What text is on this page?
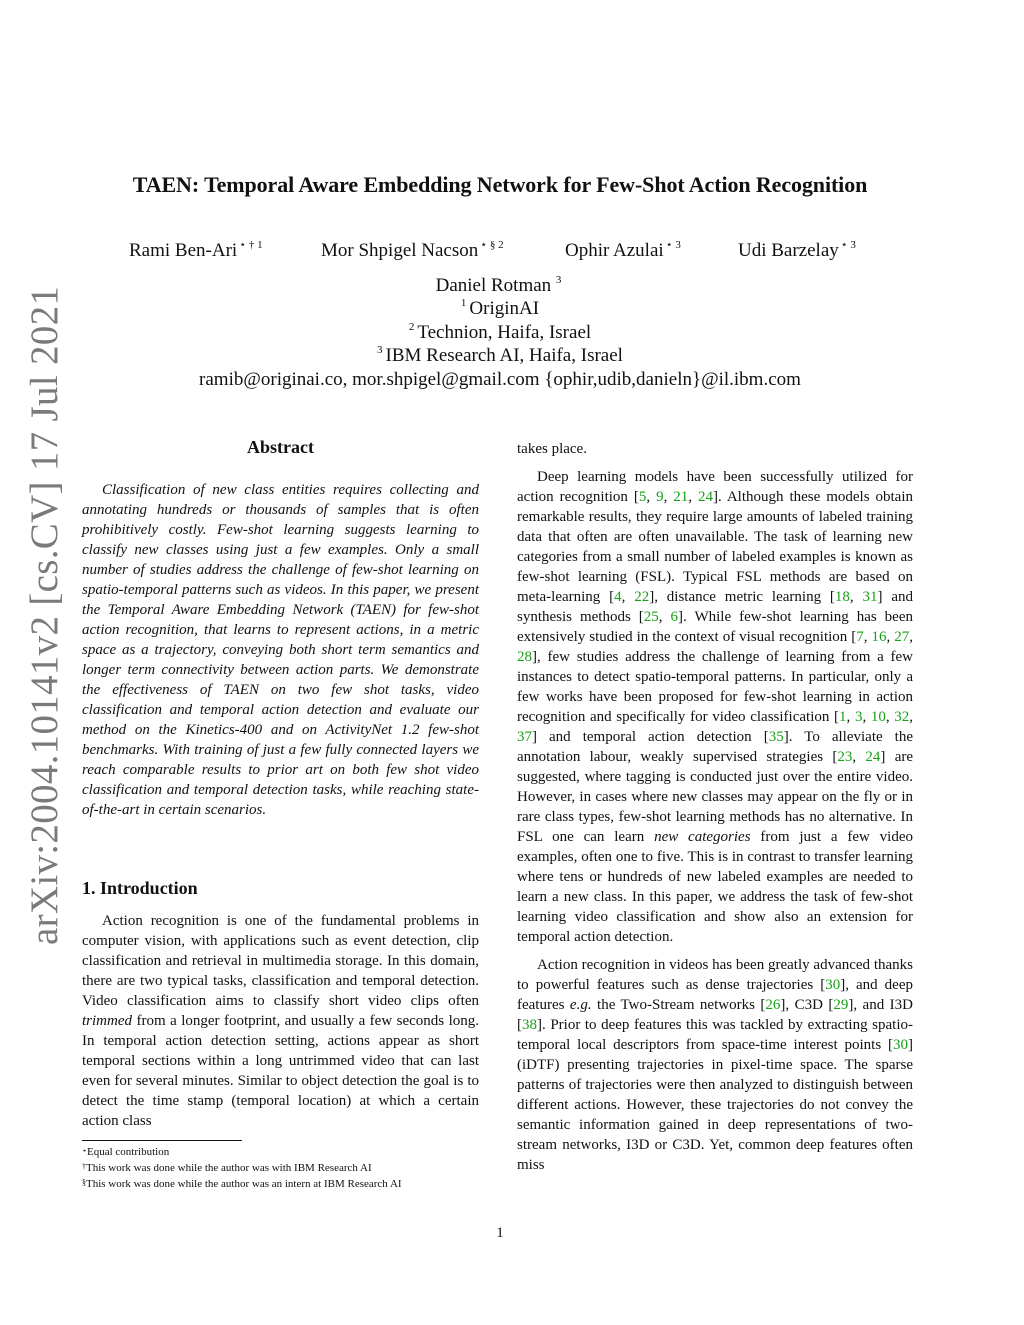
arXiv:2004.10141v2 [cs.CV] 17 Jul 2021
TAEN: Temporal Aware Embedding Network for Few-Shot Action Recognition
Rami Ben-Ari $^{⋆ \dagger 1}$	Mor Shpigel Nacson $^{⋆ \S 2}$	Ophir Azulai $^{⋆ 3}$	Udi Barzelay $^{⋆ 3}$
Daniel Rotman $^3$
$^1$ OriginAI
$^2$ Technion, Haifa, Israel
$^3$ IBM Research AI, Haifa, Israel
ramib@originai.co, mor.shpigel@gmail.com {ophir,udib,danieln}@il.ibm.com
Abstract

Classification of new class entities requires collecting and annotating hundreds or thousands of samples that is often prohibitively costly. Few-shot learning suggests learning to classify new classes using just a few examples. Only a small number of studies address the challenge of few-shot learning on spatio-temporal patterns such as videos. In this paper, we present the Temporal Aware Embedding Network (TAEN) for few-shot action recognition, that learns to represent actions, in a metric space as a trajectory, conveying both short term semantics and longer term connectivity between action parts. We demonstrate the effectiveness of TAEN on two few shot tasks, video classification and temporal action detection and evaluate our method on the Kinetics-400 and on ActivityNet 1.2 few-shot benchmarks. With training of just a few fully connected layers we reach comparable results to prior art on both few shot video classification and temporal detection tasks, while reaching state-of-the-art in certain scenarios.

1. Introduction

Action recognition is one of the fundamental problems in computer vision, with applications such as event detection, clip classification and retrieval in multimedia storage. In this domain, there are two typical tasks, classification and temporal detection. Video classification aims to classify short video clips often trimmed from a longer footprint, and usually a few seconds long. In temporal action detection setting, actions appear as short temporal sections within a long untrimmed video that can last even for several minutes. Similar to object detection the goal is to detect the time stamp (temporal location) at which a certain action class

⋆Equal contribution
†This work was done while the author was with IBM Research AI
§This work was done while the author was an intern at IBM Research AI

takes place.

Deep learning models have been successfully utilized for action recognition [5, 9, 21, 24]. Although these models obtain remarkable results, they require large amounts of labeled training data that often are often unavailable. The task of learning new categories from a small number of labeled examples is known as few-shot learning (FSL). Typical FSL methods are based on meta-learning [4, 22], distance metric learning [18, 31] and synthesis methods [25, 6]. While few-shot learning has been extensively studied in the context of visual recognition [7, 16, 27, 28], few studies address the challenge of learning from a few instances to detect spatio-temporal patterns. In particular, only a few works have been proposed for few-shot learning in action recognition and specifically for video classification [1, 3, 10, 32, 37] and temporal action detection [35]. To alleviate the annotation labour, weakly supervised strategies [23, 24] are suggested, where tagging is conducted just over the entire video. However, in cases where new classes may appear on the fly or in rare class types, few-shot learning methods has no alternative. In FSL one can learn new categories from just a few video examples, often one to five. This is in contrast to transfer learning where tens or hundreds of new labeled examples are needed to learn a new class. In this paper, we address the task of few-shot learning video classification and show also an extension for temporal action detection.

Action recognition in videos has been greatly advanced thanks to powerful features such as dense trajectories [30], and deep features e.g. the Two-Stream networks [26], C3D [29], and I3D [38]. Prior to deep features this was tackled by extracting spatio-temporal local descriptors from space-time interest points [30] (iDTF) presenting trajectories in pixel-time space. The sparse patterns of trajectories were then analyzed to distinguish between different actions. However, these trajectories do not convey the semantic information gained in deep representations of two-stream networks, I3D or C3D. Yet, common deep features often miss

1
